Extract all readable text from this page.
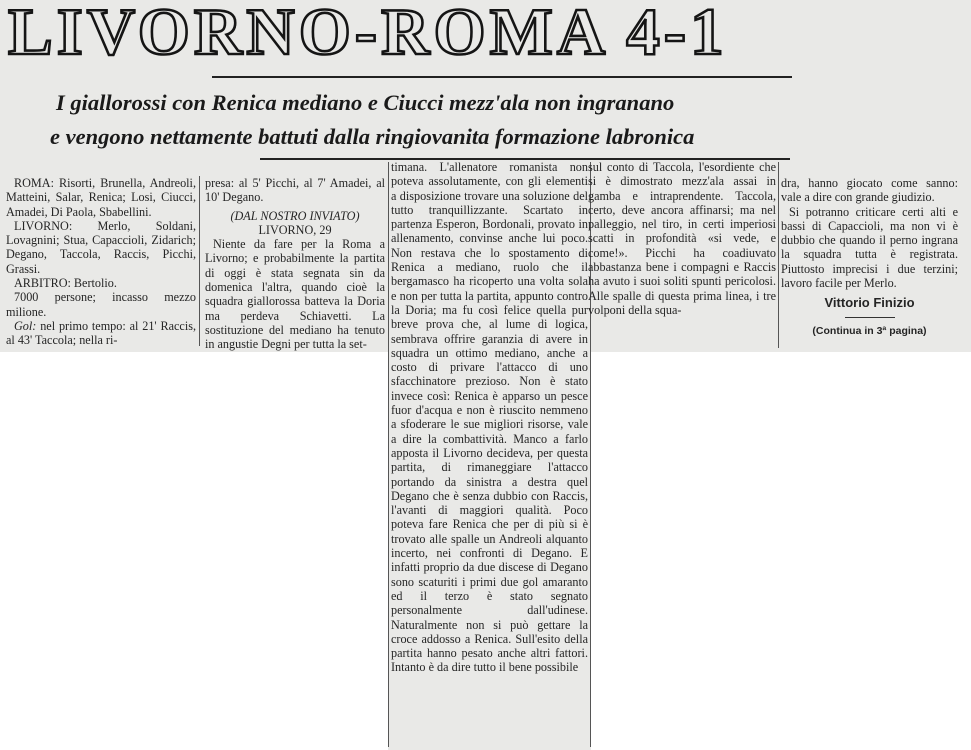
LIVORNO-ROMA 4-1
I giallorossi con Renica mediano e Ciucci mezz'ala non ingranano
e vengono nettamente battuti dalla ringiovanita formazione labronica

ROMA: Risorti, Brunella, Andreoli, Matteini, Salar, Renica; Losi, Ciucci, Amadei, Di Paola, Sbabellini.

LIVORNO: Merlo, Soldani, Lovagnini; Stua, Capaccioli, Zidarich; Degano, Taccola, Raccis, Picchi, Grassi.

ARBITRO: Bertolio.

7000 persone; incasso mezzo milione.

Gol: nel primo tempo: al 21' Raccis, al 43' Taccola; nella ri-

presa: al 5' Picchi, al 7' Amadei, al 10' Degano.

(DAL NOSTRO INVIATO)

LIVORNO, 29

Niente da fare per la Roma a Livorno; e probabilmente la partita di oggi è stata segnata sin da domenica l'altra, quando cioè la squadra giallorossa batteva la Doria ma perdeva Schiavetti. La sostituzione del mediano ha tenuto in angustie Degni per tutta la set-

timana. L'allenatore romanista non poteva assolutamente, con gli elementi a disposizione trovare una soluzione del tutto tranquillizzante. Scartato in partenza Esperon, Bordonali, provato in allenamento, convinse anche lui poco. Non restava che lo spostamento di Renica a mediano, ruolo che il bergamasco ha ricoperto una volta sola e non per tutta la partita, appunto contro la Doria; ma fu così felice quella pur breve prova che, al lume di logica, sembrava offrire garanzia di avere in squadra un ottimo mediano, anche a costo di privare l'attacco di uno sfacchinatore prezioso. Non è stato invece così: Renica è apparso un pesce fuor d'acqua e non è riuscito nemmeno a sfoderare le sue migliori risorse, vale a dire la combattività. Manco a farlo apposta il Livorno decideva, per questa partita, di rimaneggiare l'attacco portando da sinistra a destra quel Degano che è senza dubbio con Raccis, l'avanti di maggiori qualità. Poco poteva fare Renica che per di più si è trovato alle spalle un Andreoli alquanto incerto, nei confronti di Degano. E infatti proprio da due discese di Degano sono scaturiti i primi due gol amaranto ed il terzo è stato segnato personalmente dall'udinese. Naturalmente non si può gettare la croce addosso a Renica. Sull'esito della partita hanno pesato anche altri fattori. Intanto è da dire tutto il bene possibile

sul conto di Taccola, l'esordiente che si è dimostrato mezz'ala assai in gamba e intraprendente. Taccola, certo, deve ancora affinarsi; ma nel palleggio, nel tiro, in certi imperiosi scatti in profondità «si vede, e come!». Picchi ha coadiuvato abbastanza bene i compagni e Raccis ha avuto i suoi soliti spunti pericolosi. Alle spalle di questa prima linea, i tre volponi della squa-

dra, hanno giocato come sanno: vale a dire con grande giudizio.

Si potranno criticare certi alti e bassi di Capaccioli, ma non vi è dubbio che quando il perno ingrana la squadra tutta è registrata. Piuttosto imprecisi i due terzini; lavoro facile per Merlo.

Vittorio Finizio

(Continua in 3ª pagina)
